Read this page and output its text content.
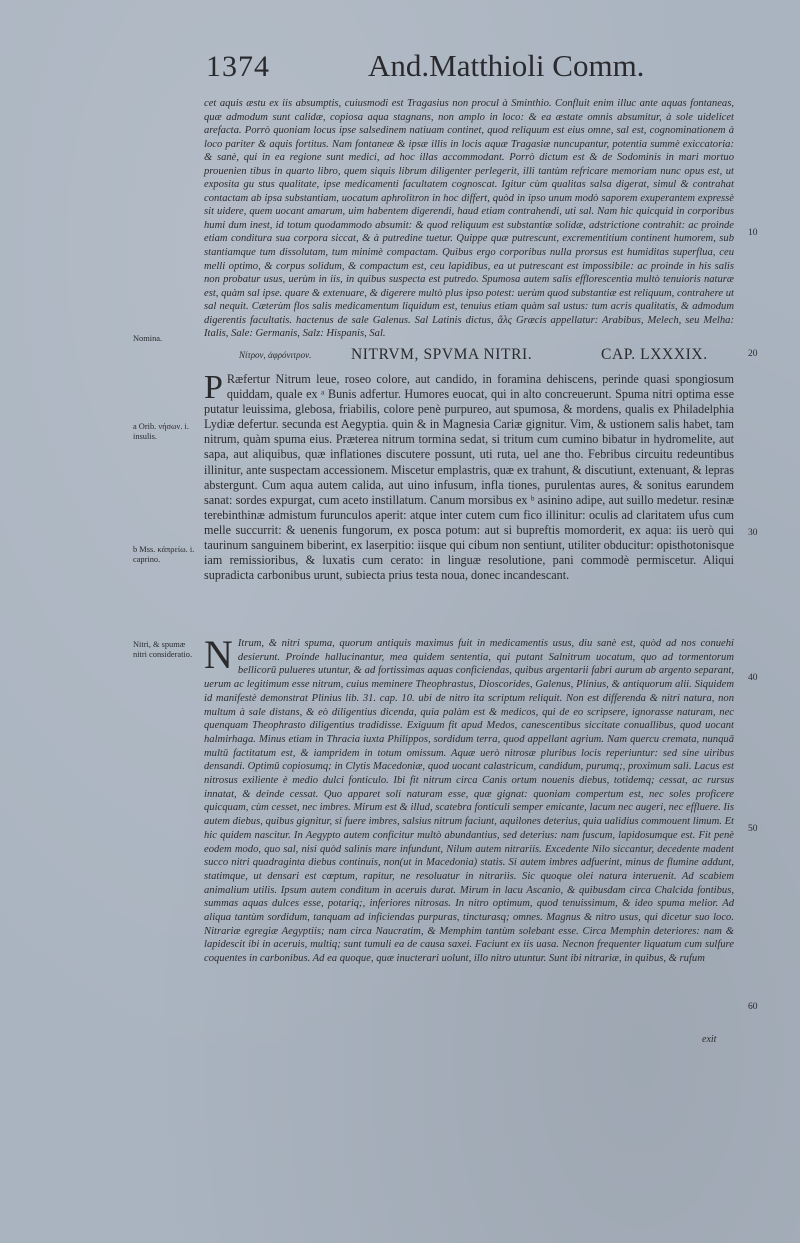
1374	And.Matthioli Comm.
cet aquis æstu ex iis absumptis, cuiusmodi est Tragasius non procul à Sminthio. Confluit enim illuc ante aquas fontaneas, quæ admodum sunt calidæ, copiosa aqua stagnans, non amplo in loco: & ea æstate omnis absumitur, à sole uidelicet arefacta. Porrò quoniam locus ipse salsedinem natiuam continet, quod reliquum est eius omne, sal est, cognominationem à loco pariter & aquis fortitus. Nam fontaneæ & ipsæ illis in locis aquæ Tragasiæ nuncupantur, potentia summè exiccatoria: & sanè, qui in ea regione sunt medici, ad hoc illas accommodant. Porrò dictum est & de Sodominis in mari mortuo prouenien tibus in quarto libro, quem siquis librum diligenter perlegerit, illi tantùm refricare memoriam nunc opus est, ut exposita gu stus qualitate, ipse medicamenti facultatem cognoscat. Igitur cùm qualitas salsa digerat, simul & contrahat contactam ab ipsa substantiam, uocatum aphrolitron in hoc differt, quòd in ipso unum modò saporem exuperantem expressè sit uidere, quem uocant amarum, uim habentem digerendi, haud etiam contrahendi, uti sal. Nam hic quicquid in corporibus humi dum inest, id totum quodammodo absumit: & quod reliquum est substantiæ solidæ, adstrictione contrahit: ac proinde etiam conditura sua corpora siccat, & à putredine tuetur. Quippe quæ putrescunt, excrementitium continent humorem, sub stantiamque tum dissolutam, tum minimè compactam. Quibus ergo corporibus nulla prorsus est humiditas superflua, ceu melli optimo, & corpus solidum, & compactum est, ceu lapidibus, ea ut putrescant est impossibile: ac proinde in his salis non probatur usus, uerùm in iis, in quibus suspecta est putredo. Spumosa autem salis efflorescentia multò tenuioris naturæ est, quàm sal ipse. quare & extenuare, & digerere multò plus ipso potest: uerùm quod substantiæ est reliquum, contrahere ut sal nequit. Cæterùm flos salis medicamentum liquidum est, tenuius etiam quàm sal ustus: tum acris qualitatis, & admodum digerentis facultatis. hactenus de sale Galenus. Sal Latinis dictus, ἅλς Græcis appellatur: Arabibus, Melech, seu Melha: Italis, Sale: Germanis, Salz: Hispanis, Sal.
Nomina.
Νίτρον, ἀφρόνιτρον.	NITRVM, SPVMA NITRI.	CAP. LXXXIX.
P Ræfertur Nitrum leue, roseo colore, aut candido, in foramina dehiscens, perinde quasi spongiosum quiddam, quale ex ᵃ Bunis adfertur. Humores euocat, qui in alto concreuerunt. Spuma nitri optima esse putatur leuissima, glebosa, friabilis, colore penè purpureo, aut spumosa, & mordens, qualis ex Philadelphia Lydiæ defertur. secunda est Aegyptia. quin & in Magnesia Cariæ gignitur. Vim, & ustionem salis habet, tam nitrum, quàm spuma eius. Præterea nitrum tormina sedat, si tritum cum cumino bibatur in hydromelite, aut sapa, aut aliquibus, quæ inflationes discutere possunt, uti ruta, uel ane tho. Febribus circuitu redeuntibus illinitur, ante suspectam accessionem. Miscetur emplastris, quæ ex trahunt, & discutiunt, extenuant, & lepras abstergunt. Cum aqua autem calida, aut uino infusum, infla tiones, purulentas aures, & sonitus earundem sanat: sordes expurgat, cum aceto instillatum. Canum morsibus ex ᵇ asinino adipe, aut suillo medetur. resinæ terebinthinæ admistum furunculos aperit: atque inter cutem cum fico illinitur: oculis ad claritatem ufus cum melle succurrit: & uenenis fungorum, ex posca potum: aut si bupreftis momorderit, ex aqua: iis uerò qui taurinum sanguinem biberint, ex laserpitio: iisque qui cibum non sentiunt, utiliter obducitur: opisthotonisque iam remissioribus, & luxatis cum cerato: in linguæ resolutione, pani commodè permiscetur. Aliqui supradicta carbonibus urunt, subiecta prius testa noua, donec incandescant.
a Orib. νήσων. i. insulis.
b Mss. κάπρείω. i. caprino.
N Itrum, & nitri spuma, quorum antiquis maximus fuit in medicamentis usus, diu sanè est, quòd ad nos conuehi desierunt. Proinde hallucinantur, mea quidem sententia, qui putant Salnitrum uocatum, quo ad tormentorum bellicorū pulueres utuntur, & ad fortissimas aquas conficiendas, quibus argentarii fabri aurum ab argento separant, uerum ac legitimum esse nitrum, cuius meminere Theophrastus, Dioscorides, Galenus, Plinius, & antiquorum alii. Siquidem id manifestè demonstrat Plinius lib. 31. cap. 10. ubi de nitro ita scriptum reliquit. Non est differenda & nitri natura, non multum à sale distans, & eò diligentius dicenda, quia palàm est & medicos, qui de eo scripsere, ignorasse naturam, nec quenquam Theophrasto diligentius tradidisse. Exiguum fit apud Medos, canescentibus siccitate conuallibus, quod uocant halmirhaga. Minus etiam in Thracia iuxta Philippos, sordidum terra, quod appellant agrium. Nam quercu cremata, nunquā multū factitatum est, & iampridem in totum omissum. Aquæ uerò nitrosæ pluribus locis reperiuntur: sed sine uiribus densandi. Optimū copiosumq; in Clytis Macedoniæ, quod uocant calastricum, candidum, purumq;, proximum sali. Lacus est nitrosus exiliente è medio dulci fonticulo. Ibi fit nitrum circa Canis ortum nouenis diebus, totidemq; cessat, ac rursus innatat, & deinde cessat. Quo apparet soli naturam esse, quæ gignat: quoniam compertum est, nec soles proficere quicquam, cùm cesset, nec imbres. Mirum est & illud, scatebra fonticuli semper emicante, lacum nec augeri, nec effluere. Iis autem diebus, quibus gignitur, si fuere imbres, salsius nitrum faciunt, aquilones deterius, quia ualidius commouent limum. Et hic quidem nascitur. In Aegypto autem conficitur multò abundantius, sed deterius: nam fuscum, lapidosumque est. Fit penè eodem modo, quo sal, nisi quòd salinis mare infundunt, Nilum autem nitrariis. Excedente Nilo siccantur, decedente madent succo nitri quadraginta diebus continuis, non(ut in Macedonia) statis. Si autem imbres adfuerint, minus de flumine addunt, statimque, ut densari est cœptum, rapitur, ne resoluatur in nitrariis. Sic quoque olei natura interuenit. Ad scabiem animalium utilis. Ipsum autem conditum in aceruis durat. Mirum in lacu Ascanio, & quibusdam circa Chalcida fontibus, summas aquas dulces esse, potariq;, inferiores nitrosas. In nitro optimum, quod tenuissimum, & ideo spuma melior. Ad aliqua tantùm sordidum, tanquam ad inficiendas purpuras, tincturasq; omnes. Magnus & nitro usus, qui dicetur suo loco. Nitrariæ egregiæ Aegyptiis; nam circa Naucratim, & Memphim tantùm solebant esse. Circa Memphin deteriores: nam & lapidescit ibi in aceruis, multiq; sunt tumuli ea de causa saxei. Faciunt ex iis uasa. Necnon frequenter liquatum cum sulfure coquentes in carbonibus. Ad ea quoque, quæ inucterari uolunt, illo nitro utuntur. Sunt ibi nitrariæ, in quibus, & rufum
Nitri, & spumæ nitri consideratio.
10
20
30
40
50
60
exit
